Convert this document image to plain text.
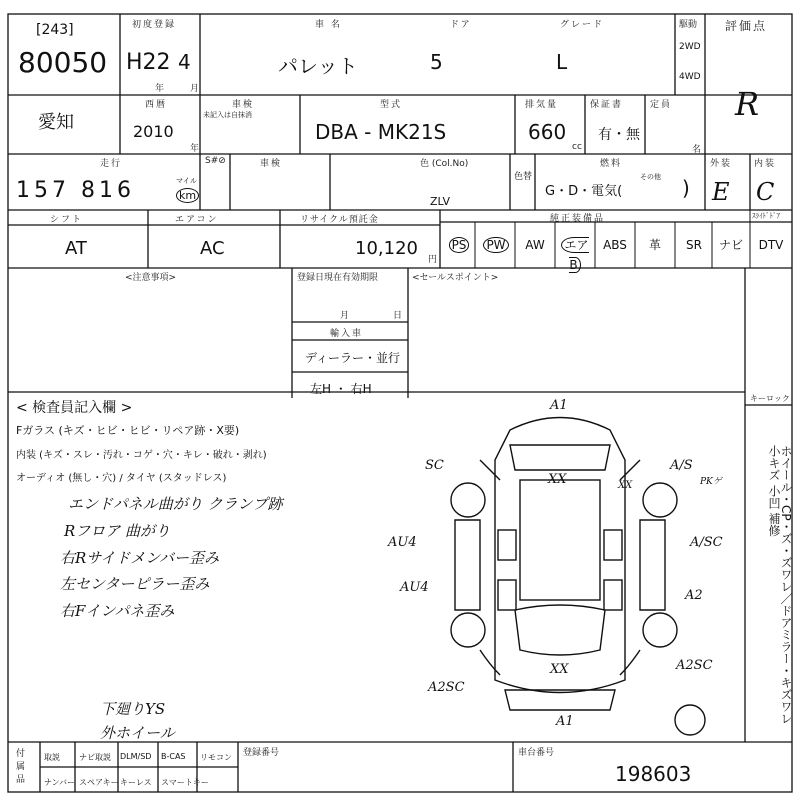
[243]
80050
初度登録
H22 4
年	月
車 名	ドア	グレード
パレット	5	L
駆動
2WD
4WD
評価点
R
愛知
西暦
2010
年
車検
未記入は自抹消
型式
DBA - MK21S
排気量
660
cc
保証書
有・無
定員
名
走行
157 816	マイル
km
S#⊘	車検	色 (Col.No)
ZLV
色替
燃料
G・D・電気(
その他 )
外装
E
内装
C
シフト
AT
エアコン
AC
リサイクル預託金
10,120
円
純正装備品	ｽﾗｲﾄﾞﾄﾞｱ
PS	PW	AW	エアB
ABS	革	SR	ナビ	DTV
<注意事項>	登録日現在有効期限
月	日
輸入車
ディーラー・並行
左H ・ 右H
<セールスポイント>
< 検査員記入欄 >
Fガラス (キズ・ヒビ・ヒビ・リペア跡・X要)
内装 (キズ・スレ・汚れ・コゲ・穴・キレ・破れ・剥れ)
オーディオ (無し・穴) / タイヤ (スタッドレス)
エンドパネル曲がり クランプ跡
Rフロア 曲がり
右Rサイドメンバー歪み
左センターピラー歪み
右Fインパネ歪み
下廻りYS
外ホイール
A1
SC	A/S
PKゲ
XX	XX
AU4	A/SC
AU4
A2
A2SC
A2SC
XX
A1
キーロック
ホイール・CP・ズ・ズワレ／ドアミラー・キズワレ 小キズ 小凹 補修
付属品
取説 ナビ取説 DLM/SD B-CAS リモコン
ナンバー スペアキー キーレス スマートキー
登録番号	車台番号
198603
